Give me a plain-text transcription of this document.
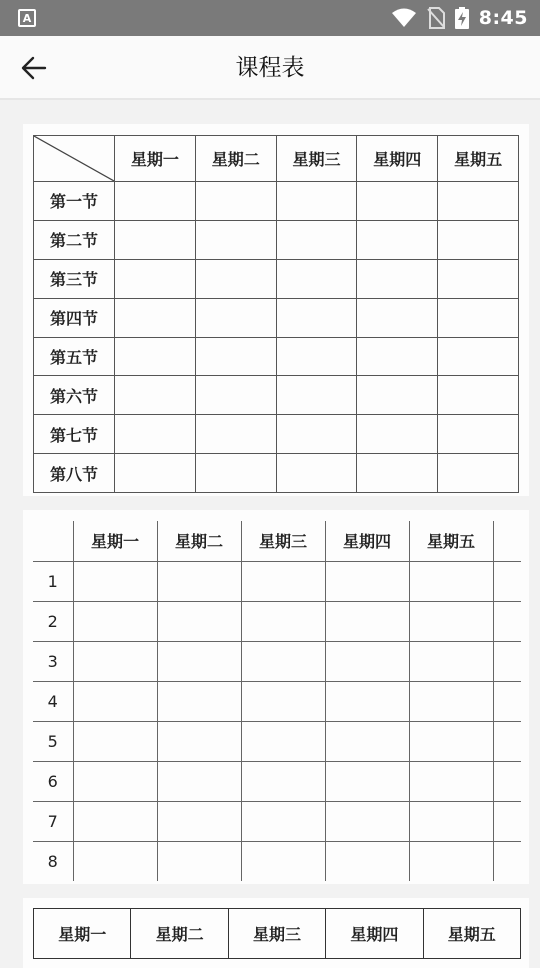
A	8:45
课程表
	星期一	星期二	星期三	星期四	星期五
第一节					
第二节					
第三节					
第四节					
第五节					
第六节					
第七节					
第八节					
	星期一	星期二	星期三	星期四	星期五	
1						
2						
3						
4						
5						
6						
7						
8						
星期一	星期二	星期三	星期四	星期五
